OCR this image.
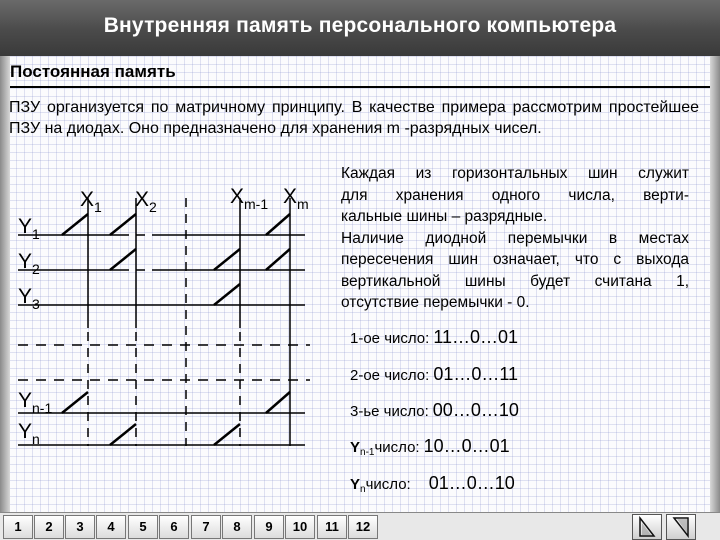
Внутренняя память персонального компьютера
Постоянная память
ПЗУ организуется по матричному принципу. В качестве примера рассмотрим простейшее ПЗУ на диодах. Оно предназначено для хранения m -разрядных чисел.
Каждая из горизонтальных шин служит
для хранения одного числа, верти-
кальные шины – разрядные.
Наличие диодной перемычки в местах
пересечения шин означает, что с выхода
вертикальной шины будет считана 1,
отсутствие перемычки - 0.
$X_1$ $X_2$	$X_{m-1}$ $X_m$
$Y_1$
$Y_2$
$Y_3$
$Y_{n-1}$
$Y_n$
1-ое число: 11…0…01
2-ое число: 01…0…11
3-ье число: 00…0…10
$Y_{n-1}число$: 10…0…01
$Y_nчисло$: 01…0…10
1	2	3	4	5	6	7	8	9	10	11	12
